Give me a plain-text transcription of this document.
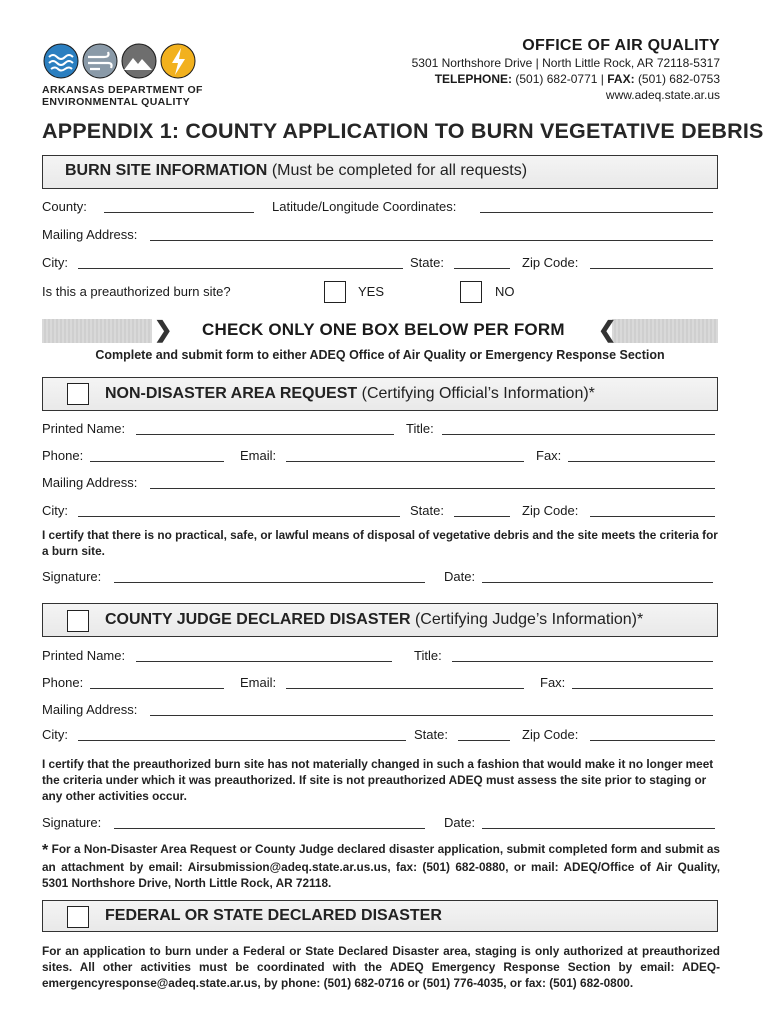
ARKANSAS DEPARTMENT OF
ENVIRONMENTAL QUALITY
OFFICE OF AIR QUALITY
5301 Northshore Drive | North Little Rock, AR 72118-5317
TELEPHONE: (501) 682-0771 | FAX: (501) 682-0753
www.adeq.state.ar.us
APPENDIX 1: COUNTY APPLICATION TO BURN VEGETATIVE DEBRIS
BURN SITE INFORMATION (Must be completed for all requests)
County:	Latitude/Longitude Coordinates:
Mailing Address:
City:	State:	Zip Code:
Is this a preauthorized burn site?	YES	NO
❯ CHECK ONLY ONE BOX BELOW PER FORM ❮
Complete and submit form to either ADEQ Office of Air Quality or Emergency Response Section
NON-DISASTER AREA REQUEST (Certifying Official’s Information)*
Printed Name:	Title:
Phone:	Email:	Fax:
Mailing Address:
City:	State:	Zip Code:
I certify that there is no practical, safe, or lawful means of disposal of vegetative debris and the site meets the criteria for a burn site.
Signature:	Date:
COUNTY JUDGE DECLARED DISASTER (Certifying Judge’s Information)*
Printed Name:	Title:
Phone:	Email:	Fax:
Mailing Address:
City:	State:	Zip Code:
I certify that the preauthorized burn site has not materially changed in such a fashion that would make it no longer meet the criteria under which it was preauthorized. If site is not preauthorized ADEQ must assess the site prior to staging or any other activities occur.
Signature:	Date:
* For a Non-Disaster Area Request or County Judge declared disaster application, submit completed form and submit as an attachment by email: Airsubmission@adeq.state.ar.us.us, fax: (501) 682-0880, or mail: ADEQ/Office of Air Quality, 5301 Northshore Drive, North Little Rock, AR 72118.
FEDERAL OR STATE DECLARED DISASTER
For an application to burn under a Federal or State Declared Disaster area, staging is only authorized at preauthorized sites. All other activities must be coordinated with the ADEQ Emergency Response Section by email: ADEQ-emergencyresponse@adeq.state.ar.us, by phone: (501) 682-0716 or (501) 776-4035, or fax: (501) 682-0800.
